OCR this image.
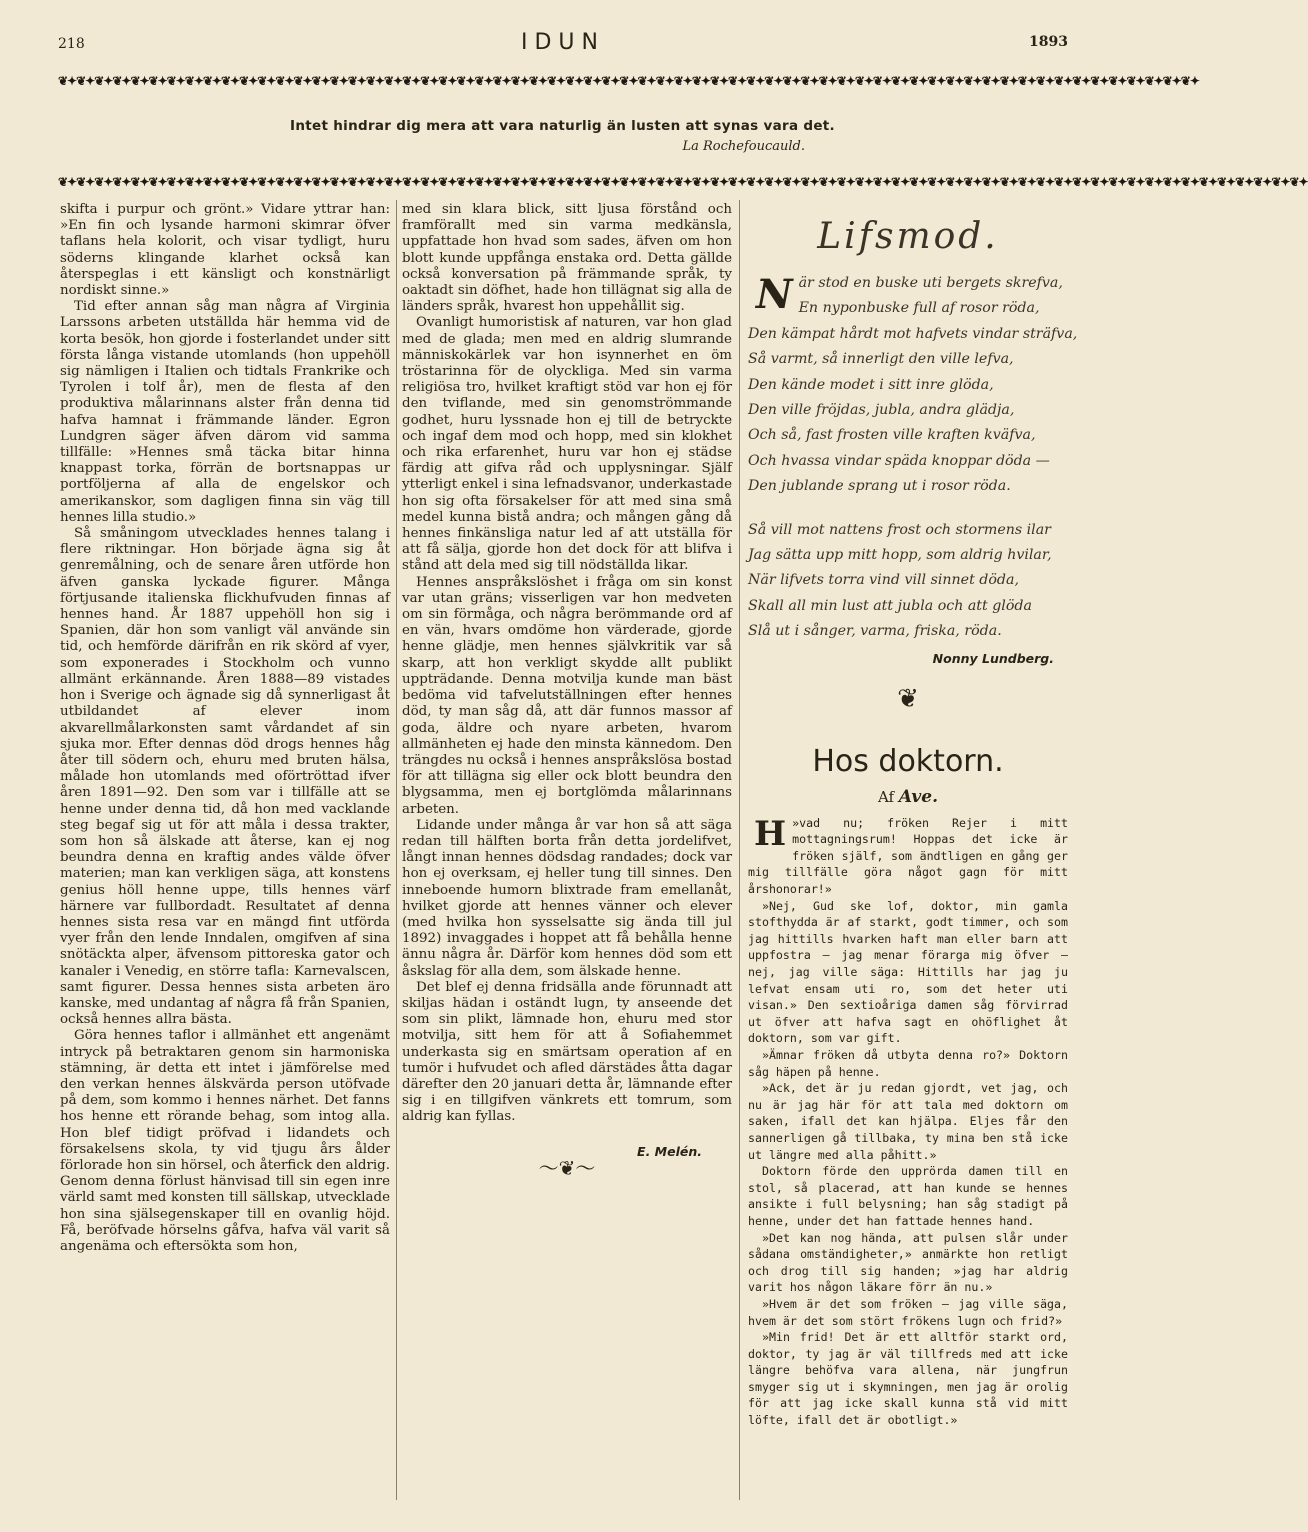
218	IDUN	1893
❦✦❦✦❦✦❦✦❦✦❦✦❦✦❦✦❦✦❦✦❦✦❦✦❦✦❦✦❦✦❦✦❦✦❦✦❦✦❦✦❦✦❦✦❦✦❦✦❦✦❦✦❦✦❦✦❦✦❦✦❦✦❦✦❦✦❦✦❦✦❦✦❦✦❦✦❦✦❦✦❦✦❦✦❦✦❦✦❦✦❦✦❦✦❦✦❦✦❦✦❦✦❦✦❦✦❦✦❦✦❦✦❦✦❦✦❦✦❦✦❦✦❦✦❦✦
Intet hindrar dig mera att vara naturlig än lusten att synas vara det.
La Rochefoucauld.
❦✦❦✦❦✦❦✦❦✦❦✦❦✦❦✦❦✦❦✦❦✦❦✦❦✦❦✦❦✦❦✦❦✦❦✦❦✦❦✦❦✦❦✦❦✦❦✦❦✦❦✦❦✦❦✦❦✦❦✦❦✦❦✦❦✦❦✦❦✦❦✦❦✦❦✦❦✦❦✦❦✦❦✦❦✦❦✦❦✦❦✦❦✦❦✦❦✦❦✦❦✦❦✦❦✦❦✦❦✦❦✦❦✦❦✦❦✦❦✦❦✦❦✦❦✦❦✦❦✦❦✦❦✦❦✦❦✦

skifta i purpur och grönt.» Vidare yttrar han: »En fin och lysande harmoni skimrar öfver taflans hela kolorit, och visar tydligt, huru söderns klingande klarhet också kan återspeglas i ett känsligt och konstnärligt nordiskt sinne.»

Tid efter annan såg man några af Virginia Larssons arbeten utställda här hemma vid de korta besök, hon gjorde i fosterlandet under sitt första långa vistande utomlands (hon uppehöll sig nämligen i Italien och tidtals Frankrike och Tyrolen i tolf år), men de flesta af den produktiva målarinnans alster från denna tid hafva hamnat i främmande länder. Egron Lundgren säger äfven därom vid samma tillfälle: »Hennes små täcka bitar hinna knappast torka, förrän de bortsnappas ur portföljerna af alla de engelskor och amerikanskor, som dagligen finna sin väg till hennes lilla studio.»

Så småningom utvecklades hennes talang i flere riktningar. Hon började ägna sig åt genremålning, och de senare åren utförde hon äfven ganska lyckade figurer. Många förtjusande italienska flickhufvuden finnas af hennes hand. År 1887 uppehöll hon sig i Spanien, där hon som vanligt väl använde sin tid, och hemförde därifrån en rik skörd af vyer, som exponerades i Stockholm och vunno allmänt erkännande. Åren 1888—89 vistades hon i Sverige och ägnade sig då synnerligast åt utbildandet af elever inom akvarellmålarkonsten samt vårdandet af sin sjuka mor. Efter dennas död drogs hennes håg åter till södern och, ehuru med bruten hälsa, målade hon utomlands med oförtröttad ifver åren 1891—92. Den som var i tillfälle att se henne under denna tid, då hon med vacklande steg begaf sig ut för att måla i dessa trakter, som hon så älskade att återse, kan ej nog beundra denna en kraftig andes välde öfver materien; man kan verkligen säga, att konstens genius höll henne uppe, tills hennes värf härnere var fullbordadt. Resultatet af denna hennes sista resa var en mängd fint utförda vyer från den lende Inndalen, omgifven af sina snötäckta alper, äfvensom pittoreska gator och kanaler i Venedig, en större tafla: Karnevalscen, samt figurer. Dessa hennes sista arbeten äro kanske, med undantag af några få från Spanien, också hennes allra bästa.

Göra hennes taflor i allmänhet ett angenämt intryck på betraktaren genom sin harmoniska stämning, är detta ett intet i jämförelse med den verkan hennes älskvärda person utöfvade på dem, som kommo i hennes närhet. Det fanns hos henne ett rörande behag, som intog alla. Hon blef tidigt pröfvad i lidandets och försakelsens skola, ty vid tjugu års ålder förlorade hon sin hörsel, och återfick den aldrig. Genom denna förlust hänvisad till sin egen inre värld samt med konsten till sällskap, utvecklade hon sina själsegenskaper till en ovanlig höjd. Få, beröfvade hörselns gåfva, hafva väl varit så angenäma och eftersökta som hon,

med sin klara blick, sitt ljusa förstånd och framförallt med sin varma medkänsla, uppfattade hon hvad som sades, äfven om hon blott kunde uppfånga enstaka ord. Detta gällde också konversation på främmande språk, ty oaktadt sin döfhet, hade hon tillägnat sig alla de länders språk, hvarest hon uppehållit sig.

Ovanligt humoristisk af naturen, var hon glad med de glada; men med en aldrig slumrande människokärlek var hon isynnerhet en öm tröstarinna för de olyckliga. Med sin varma religiösa tro, hvilket kraftigt stöd var hon ej för den tviflande, med sin genomströmmande godhet, huru lyssnade hon ej till de betryckte och ingaf dem mod och hopp, med sin klokhet och rika erfarenhet, huru var hon ej städse färdig att gifva råd och upplysningar. Själf ytterligt enkel i sina lefnadsvanor, underkastade hon sig ofta försakelser för att med sina små medel kunna bistå andra; och mången gång då hennes finkänsliga natur led af att utställa för att få sälja, gjorde hon det dock för att blifva i stånd att dela med sig till nödställda likar.

Hennes anspråkslöshet i fråga om sin konst var utan gräns; visserligen var hon medveten om sin förmåga, och några berömmande ord af en vän, hvars omdöme hon värderade, gjorde henne glädje, men hennes självkritik var så skarp, att hon verkligt skydde allt publikt uppträdande. Denna motvilja kunde man bäst bedöma vid tafvelutställningen efter hennes död, ty man såg då, att där funnos massor af goda, äldre och nyare arbeten, hvarom allmänheten ej hade den minsta kännedom. Den trängdes nu också i hennes anspråkslösa bostad för att tillägna sig eller ock blott beundra den blygsamma, men ej bortglömda målarinnans arbeten.

Lidande under många år var hon så att säga redan till hälften borta från detta jordelifvet, långt innan hennes dödsdag randades; dock var hon ej overksam, ej heller tung till sinnes. Den inneboende humorn blixtrade fram emellanåt, hvilket gjorde att hennes vänner och elever (med hvilka hon sysselsatte sig ända till jul 1892) invaggades i hoppet att få behålla henne ännu några år. Därför kom hennes död som ett åskslag för alla dem, som älskade henne.

Det blef ej denna fridsälla ande förunnadt att skiljas hädan i oständt lugn, ty anseende det som sin plikt, lämnade hon, ehuru med stor motvilja, sitt hem för att å Sofiahemmet underkasta sig en smärtsam operation af en tumör i hufvudet och afled därstädes åtta dagar därefter den 20 januari detta år, lämnande efter sig i en tillgifven vänkrets ett tomrum, som aldrig kan fyllas.

E. Melén.

〜❦〜

Lifsmod.
N är stod en buske uti bergets skrefva,
En nyponbuske full af rosor röda,
Den kämpat hårdt mot hafvets vindar sträfva,
Så varmt, så innerligt den ville lefva,
Den kände modet i sitt inre glöda,
Den ville fröjdas, jubla, andra glädja,
Och så, fast frosten ville kraften kväfva,
Och hvassa vindar späda knoppar döda —
Den jublande sprang ut i rosor röda.
Så vill mot nattens frost och stormens ilar
Jag sätta upp mitt hopp, som aldrig hvilar,
När lifvets torra vind vill sinnet döda,
Skall all min lust att jubla och att glöda
Slå ut i sånger, varma, friska, röda.
Nonny Lundberg.
❦
Hos doktorn.
Af Ave.

H »vad nu; fröken Rejer i mitt mottagningsrum! Hoppas det icke är fröken själf, som ändtligen en gång ger mig tillfälle göra något gagn för mitt årshonorar!»

»Nej, Gud ske lof, doktor, min gamla stofthydda är af starkt, godt timmer, och som jag hittills hvarken haft man eller barn att uppfostra — jag menar förarga mig öfver — nej, jag ville säga: Hittills har jag ju lefvat ensam uti ro, som det heter uti visan.» Den sextioåriga damen såg förvirrad ut öfver att hafva sagt en ohöflighet åt doktorn, som var gift.

»Ämnar fröken då utbyta denna ro?» Doktorn såg häpen på henne.

»Ack, det är ju redan gjordt, vet jag, och nu är jag här för att tala med doktorn om saken, ifall det kan hjälpa. Eljes får den sannerligen gå tillbaka, ty mina ben stå icke ut längre med alla påhitt.»

Doktorn förde den upprörda damen till en stol, så placerad, att han kunde se hennes ansikte i full belysning; han såg stadigt på henne, under det han fattade hennes hand.

»Det kan nog hända, att pulsen slår under sådana omständigheter,» anmärkte hon retligt och drog till sig handen; »jag har aldrig varit hos någon läkare förr än nu.»

»Hvem är det som fröken — jag ville säga, hvem är det som stört frökens lugn och frid?»

»Min frid! Det är ett alltför starkt ord, doktor, ty jag är väl tillfreds med att icke längre behöfva vara allena, när jungfrun smyger sig ut i skymningen, men jag är orolig för att jag icke skall kunna stå vid mitt löfte, ifall det är obotligt.»
